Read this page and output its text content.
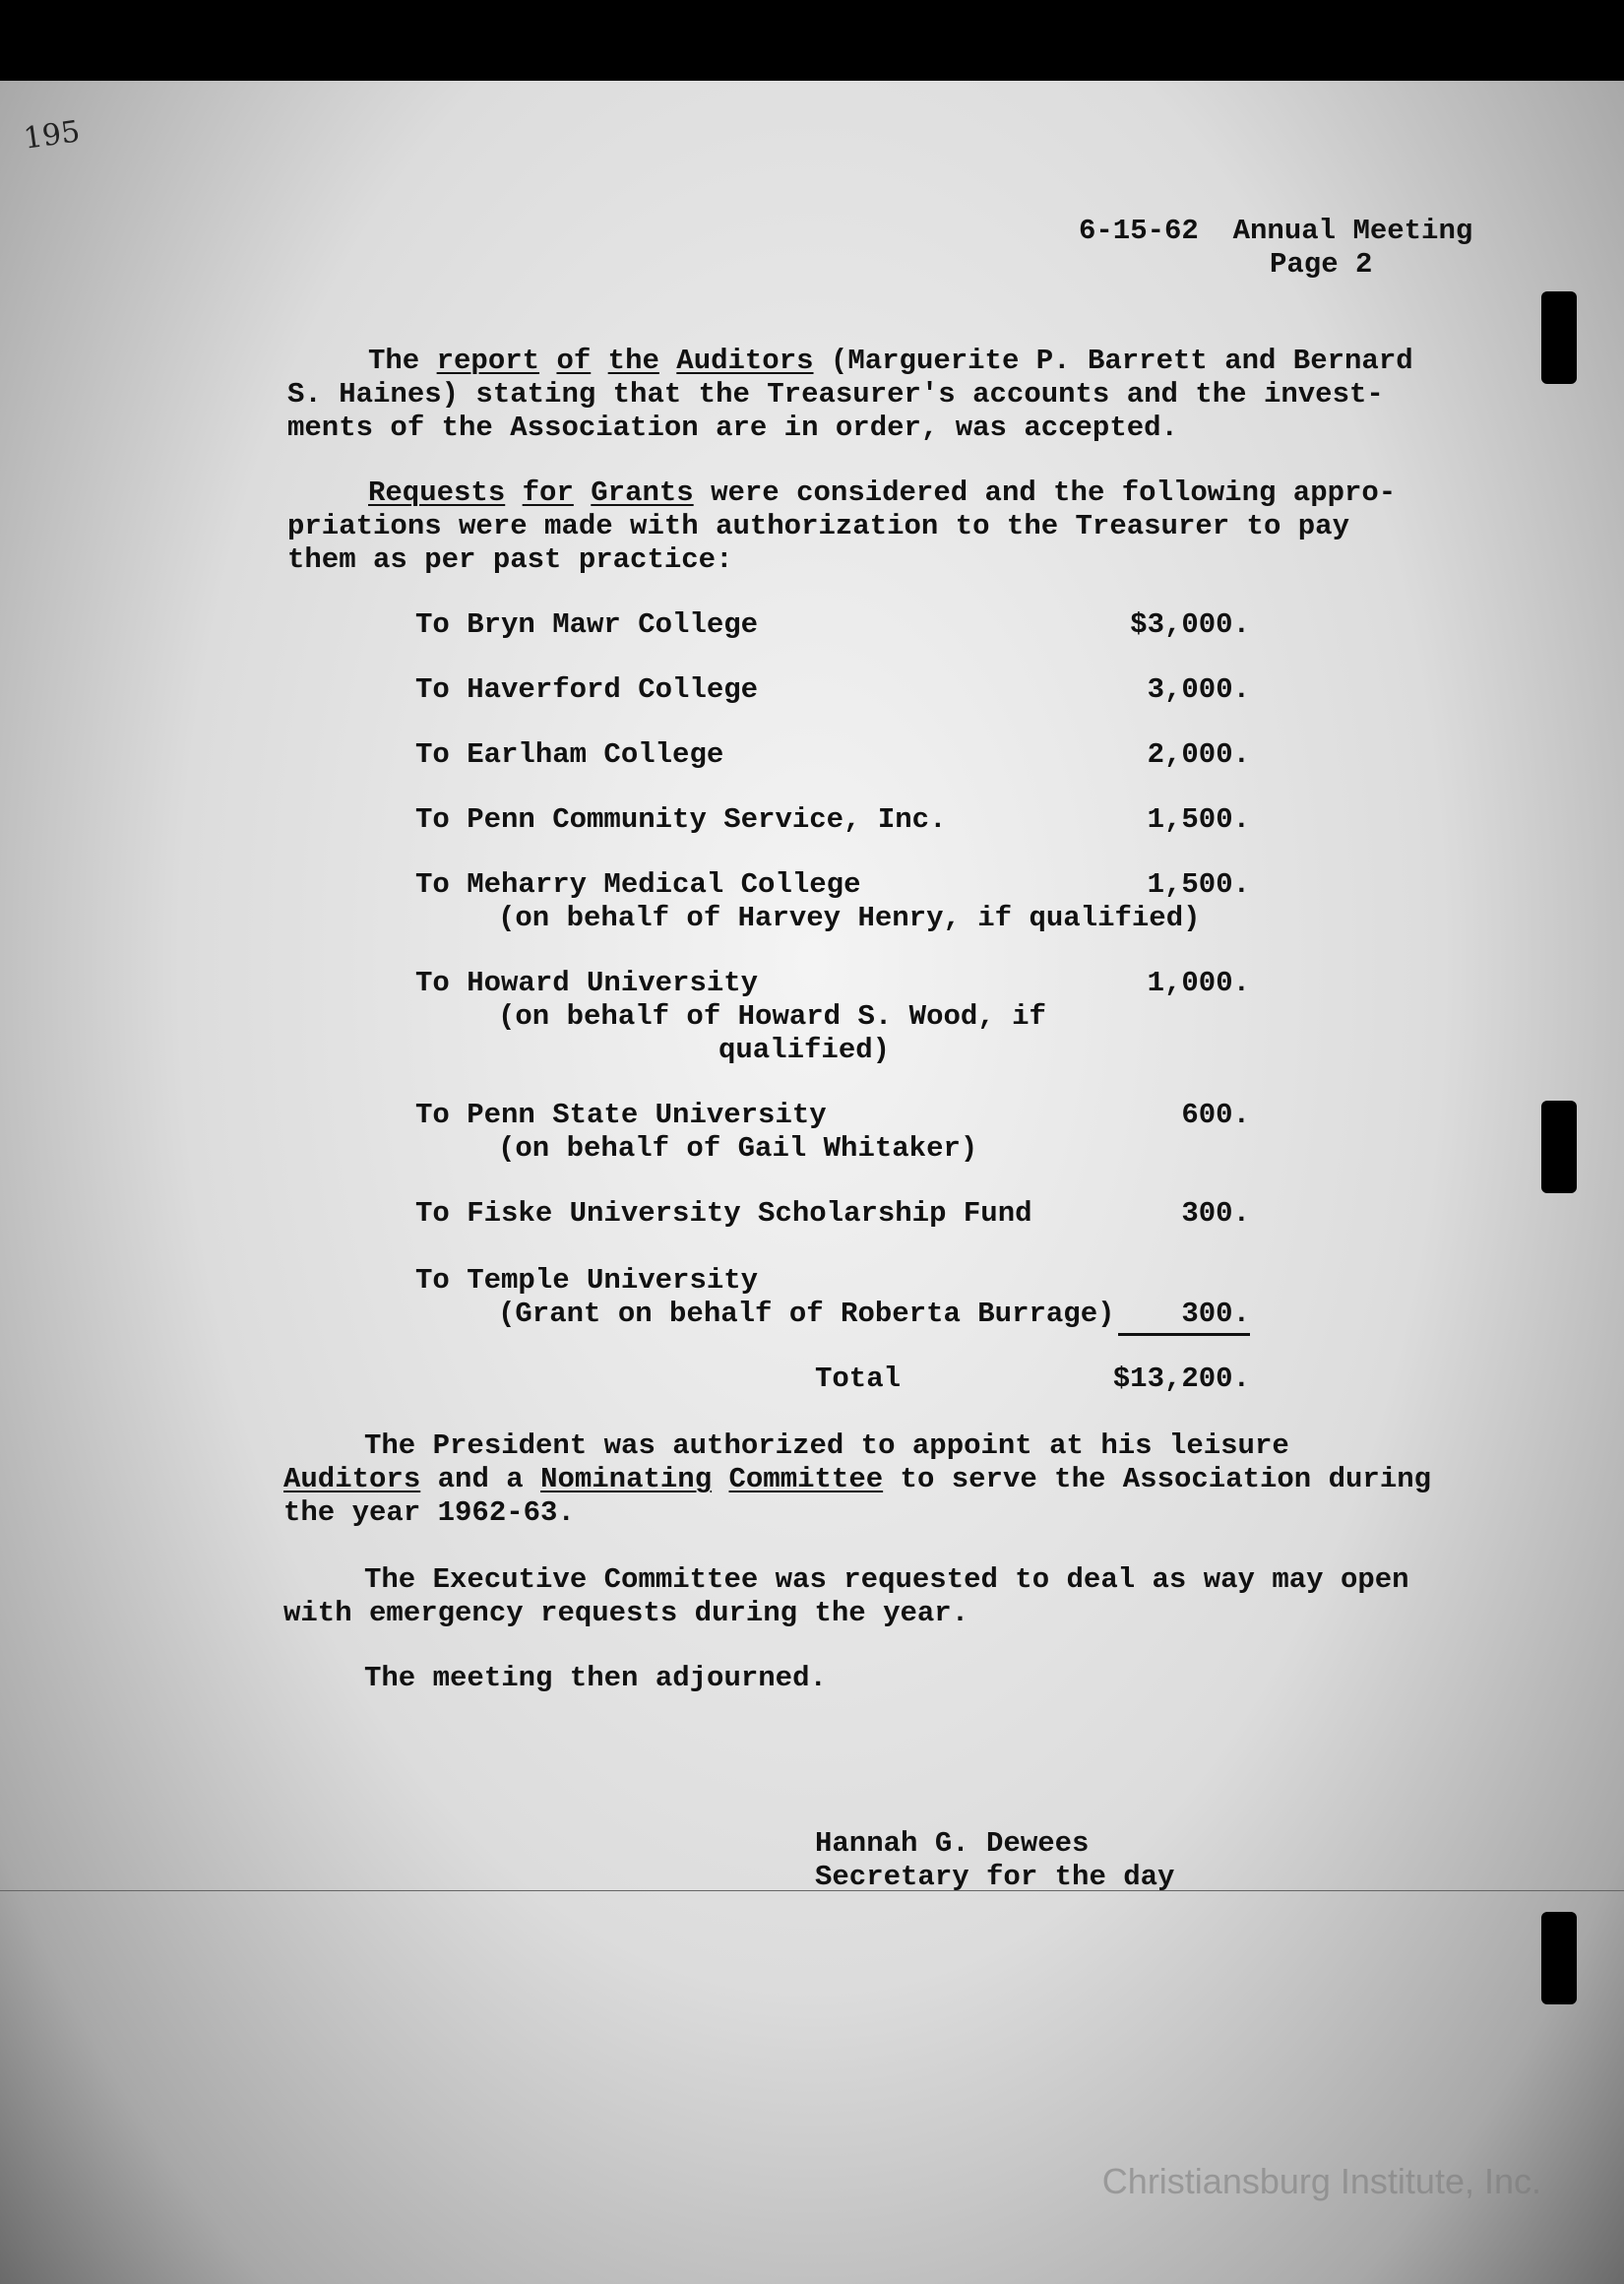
195
6-15-62  Annual Meeting
Page 2
The report of the Auditors (Marguerite P. Barrett and Bernard
S. Haines) stating that the Treasurer's accounts and the invest-
ments of the Association are in order, was accepted.
Requests for Grants were considered and the following appro-
priations were made with authorization to the Treasurer to pay
them as per past practice:
To Bryn Mawr College	$3,000.
To Haverford College	3,000.
To Earlham College	2,000.
To Penn Community Service, Inc.	1,500.
To Meharry Medical College	1,500.
(on behalf of Harvey Henry, if qualified)
To Howard University	1,000.
(on behalf of Howard S. Wood, if
qualified)
To Penn State University	600.
(on behalf of Gail Whitaker)
To Fiske University Scholarship Fund	300.
To Temple University
(Grant on behalf of Roberta Burrage)	300.
Total	$13,200.
The President was authorized to appoint at his leisure
Auditors and a Nominating Committee to serve the Association during
the year 1962-63.
The Executive Committee was requested to deal as way may open
with emergency requests during the year.
The meeting then adjourned.
Hannah G. Dewees
Secretary for the day
Christiansburg Institute, Inc.
